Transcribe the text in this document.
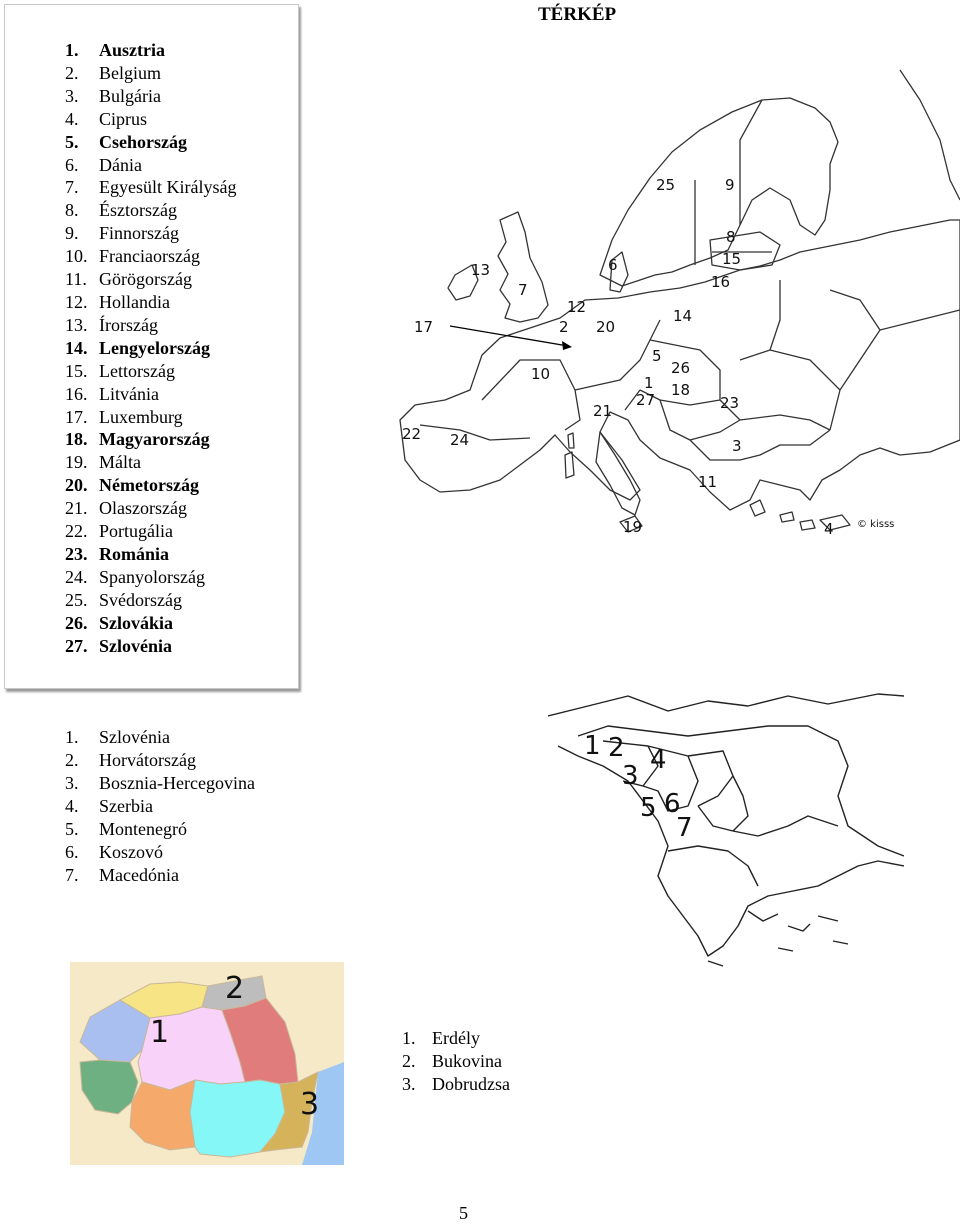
1. Ausztria
2. Belgium
3. Bulgária
4. Ciprus
5. Csehország
6. Dánia
7. Egyesült Királyság
8. Észtország
9. Finnország
10. Franciaország
11. Görögország
12. Hollandia
13. Írország
14. Lengyelország
15. Lettország
16. Litvánia
17. Luxemburg
18. Magyarország
19. Málta
20. Németország
21. Olaszország
22. Portugália
23. Románia
24. Spanyolország
25. Svédország
26. Szlovákia
27. Szlovénia
TÉRKÉP
25	9
8
15
16
13	6
7
12
2 20
14
17
5
26
10	1 18
27
21	23
22 24	3
11
19	4 © kisss
1. Szlovénia
2. Horvátország
3. Bosznia-Hercegovina
4. Szerbia
5. Montenegró
6. Koszovó
7. Macedónia
1 2
3
4
5 6
7
1
2
3
1. Erdély
2. Bukovina
3. Dobrudzsa
5
